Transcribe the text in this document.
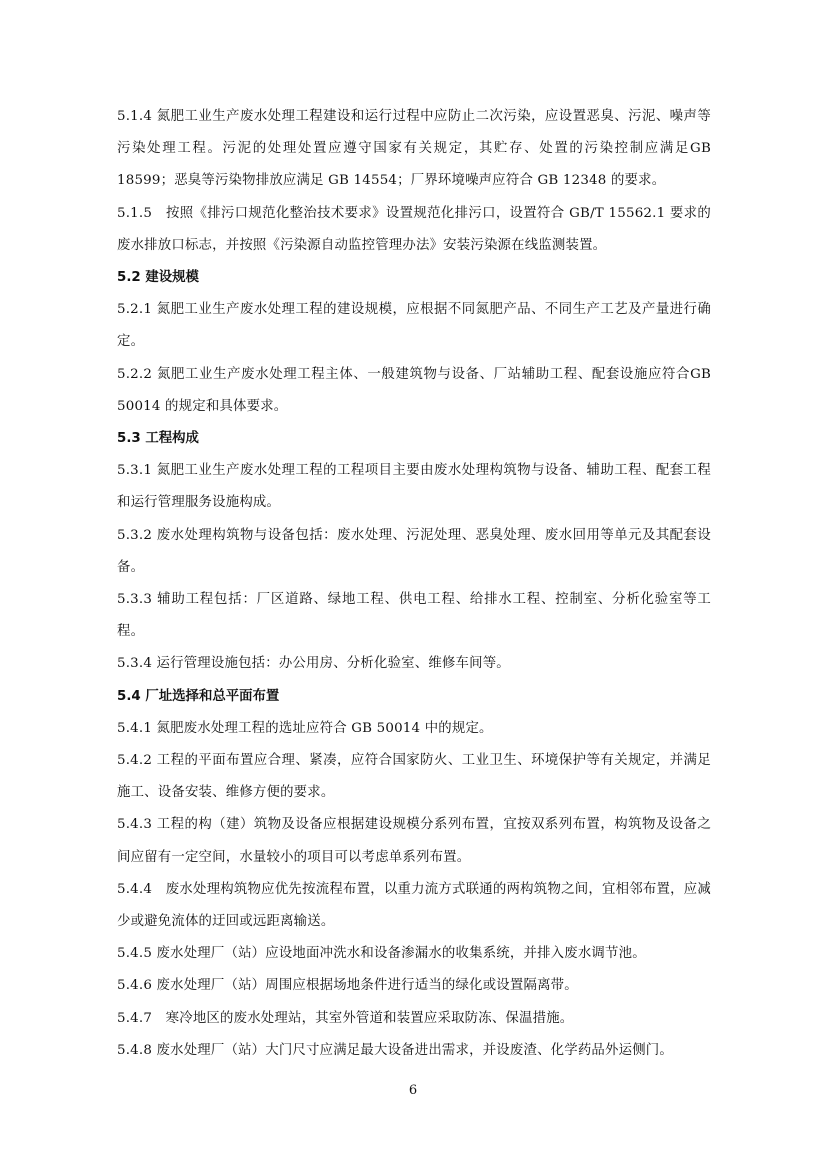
5.1.4 氮肥工业生产废水处理工程建设和运行过程中应防止二次污染，应设置恶臭、污泥、噪声等污染处理工程。污泥的处理处置应遵守国家有关规定，其贮存、处置的污染控制应满足GB 18599；恶臭等污染物排放应满足 GB 14554；厂界环境噪声应符合 GB 12348 的要求。

5.1.5　按照《排污口规范化整治技术要求》设置规范化排污口，设置符合 GB/T 15562.1 要求的废水排放口标志，并按照《污染源自动监控管理办法》安装污染源在线监测装置。

5.2 建设规模

5.2.1 氮肥工业生产废水处理工程的建设规模，应根据不同氮肥产品、不同生产工艺及产量进行确定。

5.2.2 氮肥工业生产废水处理工程主体、一般建筑物与设备、厂站辅助工程、配套设施应符合GB 50014 的规定和具体要求。

5.3 工程构成

5.3.1 氮肥工业生产废水处理工程的工程项目主要由废水处理构筑物与设备、辅助工程、配套工程和运行管理服务设施构成。

5.3.2 废水处理构筑物与设备包括：废水处理、污泥处理、恶臭处理、废水回用等单元及其配套设备。

5.3.3 辅助工程包括：厂区道路、绿地工程、供电工程、给排水工程、控制室、分析化验室等工程。

5.3.4 运行管理设施包括：办公用房、分析化验室、维修车间等。

5.4 厂址选择和总平面布置

5.4.1 氮肥废水处理工程的选址应符合 GB 50014 中的规定。

5.4.2 工程的平面布置应合理、紧凑，应符合国家防火、工业卫生、环境保护等有关规定，并满足施工、设备安装、维修方便的要求。

5.4.3 工程的构（建）筑物及设备应根据建设规模分系列布置，宜按双系列布置，构筑物及设备之间应留有一定空间，水量较小的项目可以考虑单系列布置。

5.4.4　废水处理构筑物应优先按流程布置，以重力流方式联通的两构筑物之间，宜相邻布置，应减少或避免流体的迂回或远距离输送。

5.4.5 废水处理厂（站）应设地面冲洗水和设备渗漏水的收集系统，并排入废水调节池。

5.4.6 废水处理厂（站）周围应根据场地条件进行适当的绿化或设置隔离带。

5.4.7　寒冷地区的废水处理站，其室外管道和装置应采取防冻、保温措施。

5.4.8 废水处理厂（站）大门尺寸应满足最大设备进出需求，并设废渣、化学药品外运侧门。

6
